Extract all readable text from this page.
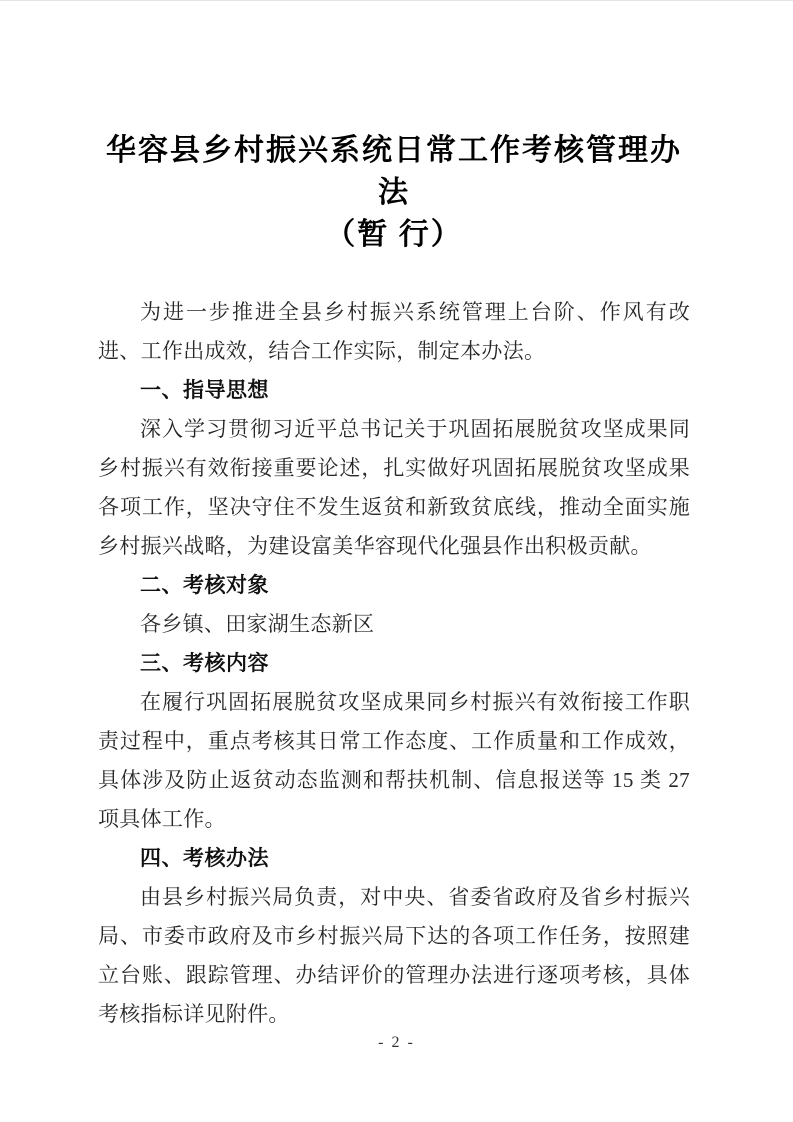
华容县乡村振兴系统日常工作考核管理办法
（暂 行）

为进一步推进全县乡村振兴系统管理上台阶、作风有改进、工作出成效，结合工作实际，制定本办法。

一、指导思想

深入学习贯彻习近平总书记关于巩固拓展脱贫攻坚成果同乡村振兴有效衔接重要论述，扎实做好巩固拓展脱贫攻坚成果各项工作，坚决守住不发生返贫和新致贫底线，推动全面实施乡村振兴战略，为建设富美华容现代化强县作出积极贡献。

二、考核对象

各乡镇、田家湖生态新区

三、考核内容

在履行巩固拓展脱贫攻坚成果同乡村振兴有效衔接工作职责过程中，重点考核其日常工作态度、工作质量和工作成效，具体涉及防止返贫动态监测和帮扶机制、信息报送等 15 类 27 项具体工作。

四、考核办法

由县乡村振兴局负责，对中央、省委省政府及省乡村振兴局、市委市政府及市乡村振兴局下达的各项工作任务，按照建立台账、跟踪管理、办结评价的管理办法进行逐项考核，具体考核指标详见附件。

- 2 -
